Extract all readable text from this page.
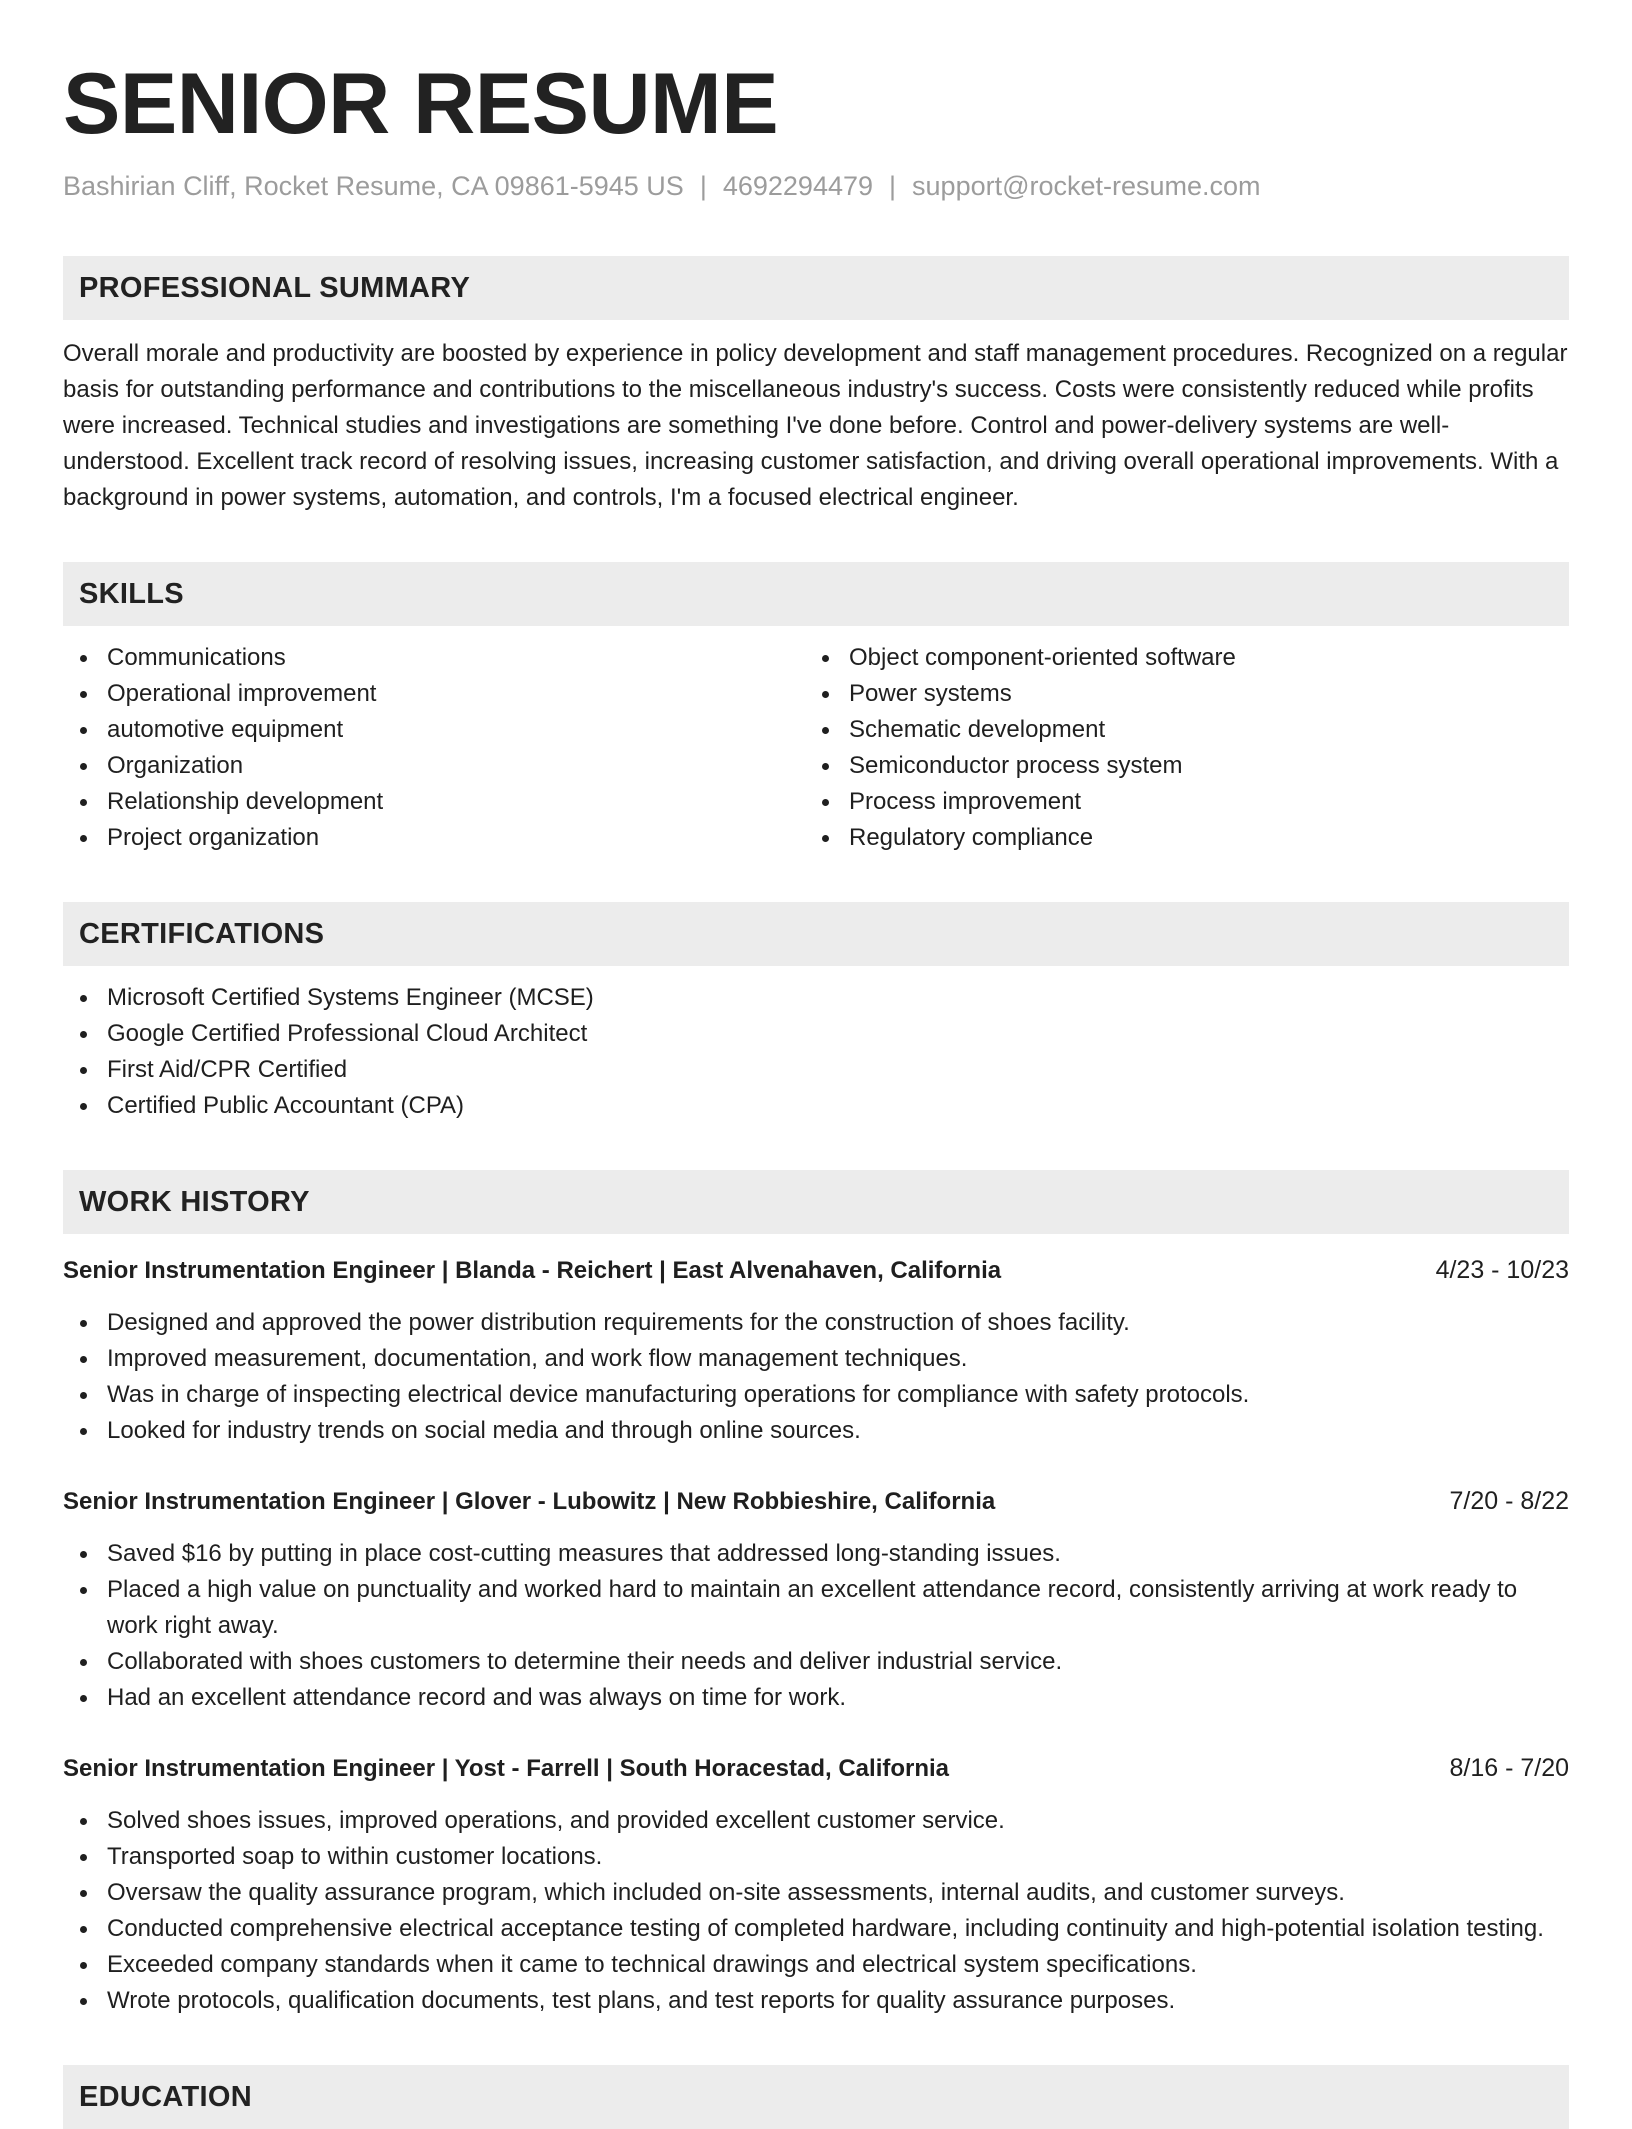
SENIOR RESUME
Bashirian Cliff, Rocket Resume, CA 09861-5945 US | 4692294479 | support@rocket-resume.com
PROFESSIONAL SUMMARY

Overall morale and productivity are boosted by experience in policy development and staff management procedures. Recognized on a regular basis for outstanding performance and contributions to the miscellaneous industry's success. Costs were consistently reduced while profits were increased. Technical studies and investigations are something I've done before. Control and power-delivery systems are well-understood. Excellent track record of resolving issues, increasing customer satisfaction, and driving overall operational improvements. With a background in power systems, automation, and controls, I'm a focused electrical engineer.

SKILLS
Communications
Operational improvement
automotive equipment
Organization
Relationship development
Project organization
Object component-oriented software
Power systems
Schematic development
Semiconductor process system
Process improvement
Regulatory compliance
CERTIFICATIONS
Microsoft Certified Systems Engineer (MCSE)
Google Certified Professional Cloud Architect
First Aid/CPR Certified
Certified Public Accountant (CPA)
WORK HISTORY
Senior Instrumentation Engineer | Blanda - Reichert | East Alvenahaven, California	4/23 - 10/23
Designed and approved the power distribution requirements for the construction of shoes facility.
Improved measurement, documentation, and work flow management techniques.
Was in charge of inspecting electrical device manufacturing operations for compliance with safety protocols.
Looked for industry trends on social media and through online sources.
Senior Instrumentation Engineer | Glover - Lubowitz | New Robbieshire, California	7/20 - 8/22
Saved $16 by putting in place cost-cutting measures that addressed long-standing issues.
Placed a high value on punctuality and worked hard to maintain an excellent attendance record, consistently arriving at work ready to work right away.
Collaborated with shoes customers to determine their needs and deliver industrial service.
Had an excellent attendance record and was always on time for work.
Senior Instrumentation Engineer | Yost - Farrell | South Horacestad, California	8/16 - 7/20
Solved shoes issues, improved operations, and provided excellent customer service.
Transported soap to within customer locations.
Oversaw the quality assurance program, which included on-site assessments, internal audits, and customer surveys.
Conducted comprehensive electrical acceptance testing of completed hardware, including continuity and high-potential isolation testing.
Exceeded company standards when it came to technical drawings and electrical system specifications.
Wrote protocols, qualification documents, test plans, and test reports for quality assurance purposes.
EDUCATION
